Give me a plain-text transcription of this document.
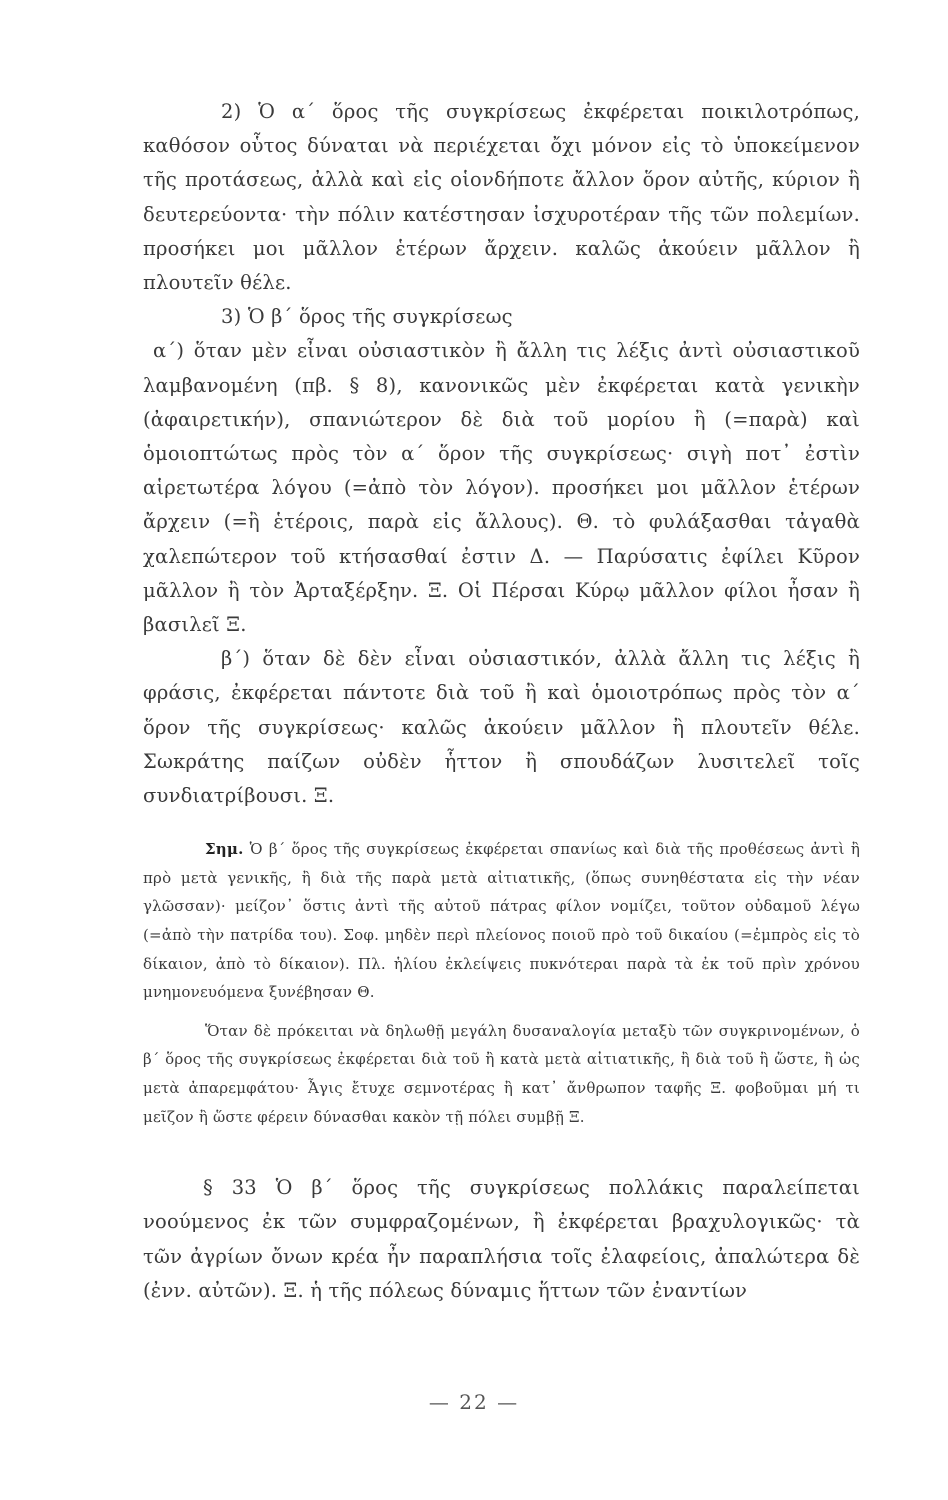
2) Ὁ α΄ ὅρος τῆς συγκρίσεως ἐκφέρεται ποικιλοτρόπως, καθόσον οὗτος δύναται νὰ περιέχεται ὄχι μόνον εἰς τὸ ὑποκείμενον τῆς προτάσεως, ἀλλὰ καὶ εἰς οἱονδήποτε ἄλλον ὅρον αὐτῆς, κύριον ἢ δευτερεύοντα· τὴν πόλιν κατέστησαν ἰσχυροτέραν τῆς τῶν πολεμίων. προσήκει μοι μᾶλλον ἑτέρων ἄρχειν. καλῶς ἀκούειν μᾶλλον ἢ πλουτεῖν θέλε.

3) Ὁ β΄ ὅρος τῆς συγκρίσεως

α΄) ὅταν μὲν εἶναι οὐσιαστικὸν ἢ ἄλλη τις λέξις ἀντὶ οὐσιαστικοῦ λαμβανομένη (πβ. § 8), κανονικῶς μὲν ἐκφέρεται κατὰ γενικὴν (ἀφαιρετικήν), σπανιώτερον δὲ διὰ τοῦ μορίου ἢ (=παρὰ) καὶ ὁμοιοπτώτως πρὸς τὸν α΄ ὅρον τῆς συγκρίσεως· σιγὴ ποτ᾽ ἐστὶν αἱρετωτέρα λόγου (=ἀπὸ τὸν λόγον). προσήκει μοι μᾶλλον ἑτέρων ἄρχειν (=ἢ ἑτέροις, παρὰ εἰς ἄλλους). Θ. τὸ φυλάξασθαι τἀγαθὰ χαλεπώτερον τοῦ κτήσασθαί ἐστιν Δ. — Παρύσατις ἐφίλει Κῦρον μᾶλλον ἢ τὸν Ἀρταξέρξην. Ξ. Οἱ Πέρσαι Κύρῳ μᾶλλον φίλοι ἦσαν ἢ βασιλεῖ Ξ.

β΄) ὅταν δὲ δὲν εἶναι οὐσιαστικόν, ἀλλὰ ἄλλη τις λέξις ἢ φράσις, ἐκφέρεται πάντοτε διὰ τοῦ ἢ καὶ ὁμοιοτρόπως πρὸς τὸν α΄ ὅρον τῆς συγκρίσεως· καλῶς ἀκούειν μᾶλλον ἢ πλουτεῖν θέλε. Σωκράτης παίζων οὐδὲν ἧττον ἢ σπουδάζων λυσιτελεῖ τοῖς συνδιατρίβουσι. Ξ.

Σημ. Ὁ β΄ ὅρος τῆς συγκρίσεως ἐκφέρεται σπανίως καὶ διὰ τῆς προθέσεως ἀντὶ ἢ πρὸ μετὰ γενικῆς, ἢ διὰ τῆς παρὰ μετὰ αἰτιατικῆς, (ὅπως συνηθέστατα εἰς τὴν νέαν γλῶσσαν)· μείζον᾽ ὅστις ἀντὶ τῆς αὐτοῦ πάτρας φίλον νομίζει, τοῦτον οὐδαμοῦ λέγω (=ἀπὸ τὴν πατρίδα του). Σοφ. μηδὲν περὶ πλείονος ποιοῦ πρὸ τοῦ δικαίου (=ἐμπρὸς εἰς τὸ δίκαιον, ἀπὸ τὸ δίκαιον). Πλ. ἡλίου ἐκλείψεις πυκνότεραι παρὰ τὰ ἐκ τοῦ πρὶν χρόνου μνημονευόμενα ξυνέβησαν Θ.

Ὅταν δὲ πρόκειται νὰ δηλωθῇ μεγάλη δυσαναλογία μεταξὺ τῶν συγκρινομένων, ὁ β΄ ὅρος τῆς συγκρίσεως ἐκφέρεται διὰ τοῦ ἢ κατὰ μετὰ αἰτιατικῆς, ἢ διὰ τοῦ ἢ ὥστε, ἢ ὡς μετὰ ἀπαρεμφάτου· Ἆγις ἔτυχε σεμνοτέρας ἢ κατ᾽ ἄνθρωπον ταφῆς Ξ. φοβοῦμαι μή τι μεῖζον ἢ ὥστε φέρειν δύνασθαι κακὸν τῇ πόλει συμβῇ Ξ.

§ 33 Ὁ β΄ ὅρος τῆς συγκρίσεως πολλάκις παραλείπεται νοούμενος ἐκ τῶν συμφραζομένων, ἢ ἐκφέρεται βραχυλογικῶς· τὰ τῶν ἀγρίων ὄνων κρέα ἦν παραπλήσια τοῖς ἐλαφείοις, ἀπαλώτερα δὲ (ἐνν. αὐτῶν). Ξ. ἡ τῆς πόλεως δύναμις ἥττων τῶν ἐναντίων

— 22 —
